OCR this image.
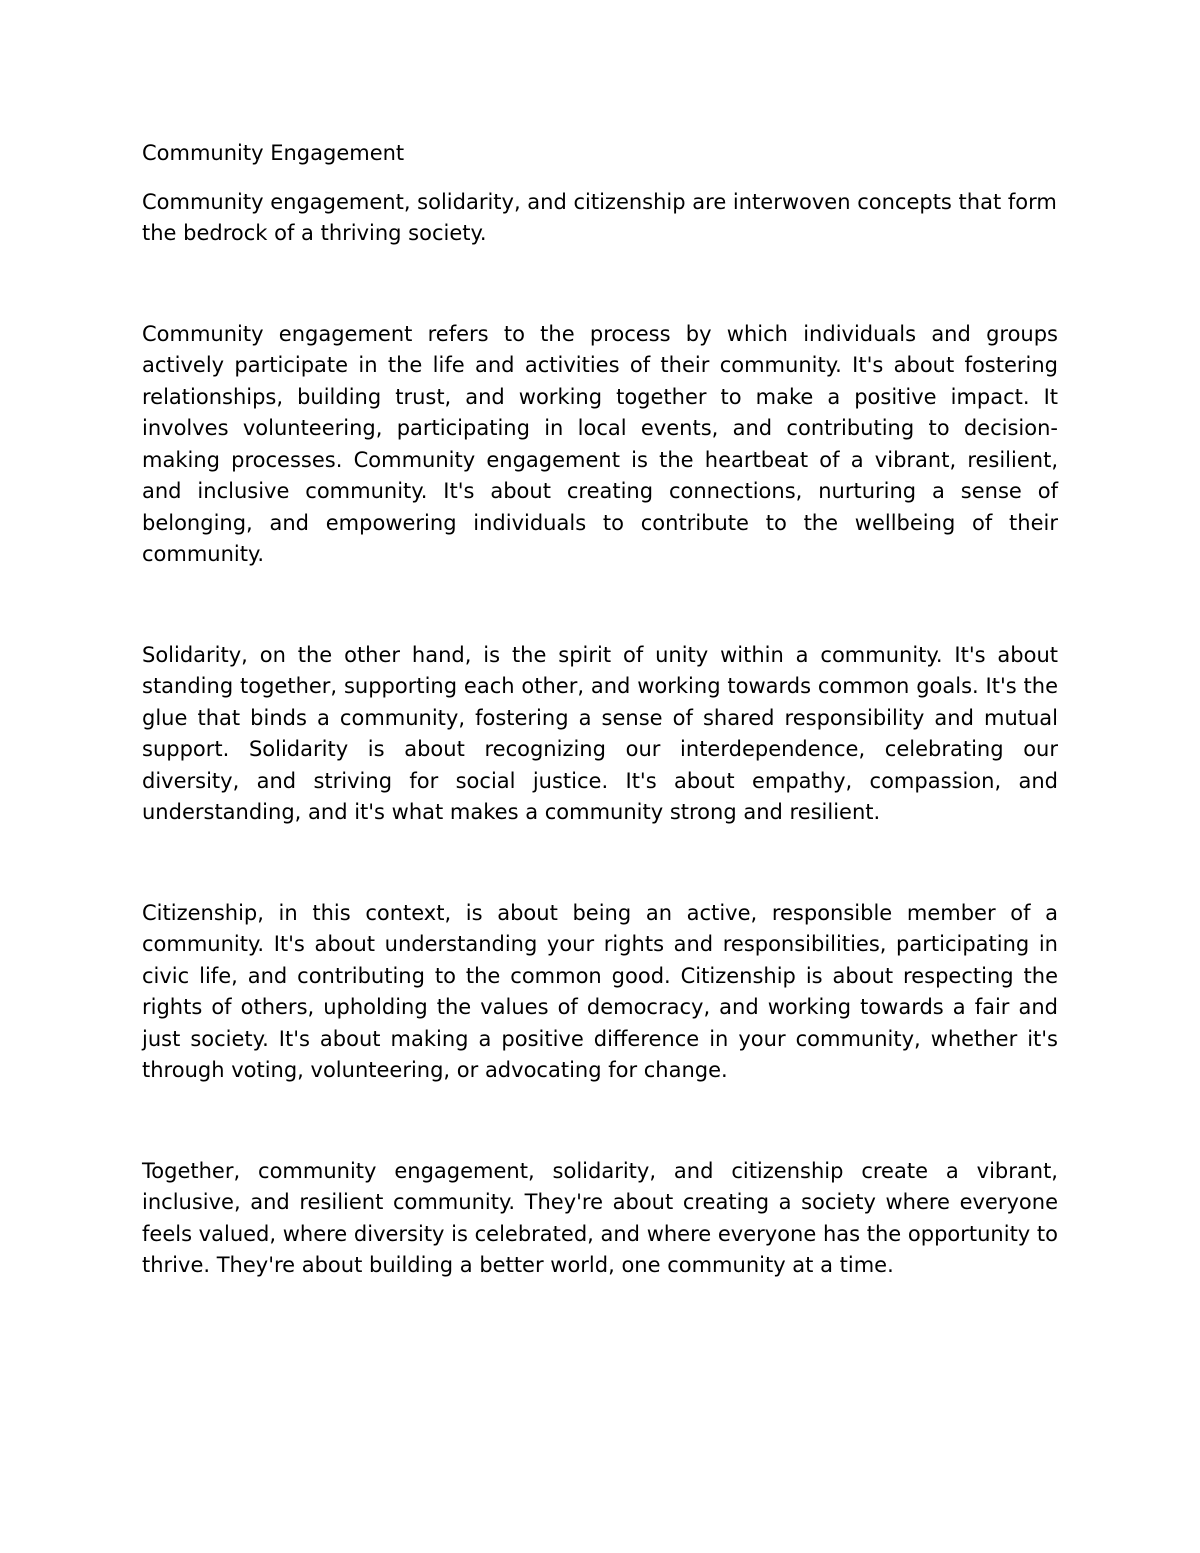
Community Engagement

Community engagement, solidarity, and citizenship are interwoven concepts that form the bedrock of a thriving society.

Community engagement refers to the process by which individuals and groups actively participate in the life and activities of their community. It's about fostering relationships, building trust, and working together to make a positive impact. It involves volunteering, participating in local events, and contributing to decision-making processes. Community engagement is the heartbeat of a vibrant, resilient, and inclusive community. It's about creating connections, nurturing a sense of belonging, and empowering individuals to contribute to the wellbeing of their community.

Solidarity, on the other hand, is the spirit of unity within a community. It's about standing together, supporting each other, and working towards common goals. It's the glue that binds a community, fostering a sense of shared responsibility and mutual support. Solidarity is about recognizing our interdependence, celebrating our diversity, and striving for social justice. It's about empathy, compassion, and understanding, and it's what makes a community strong and resilient.

Citizenship, in this context, is about being an active, responsible member of a community. It's about understanding your rights and responsibilities, participating in civic life, and contributing to the common good. Citizenship is about respecting the rights of others, upholding the values of democracy, and working towards a fair and just society. It's about making a positive difference in your community, whether it's through voting, volunteering, or advocating for change.

Together, community engagement, solidarity, and citizenship create a vibrant, inclusive, and resilient community. They're about creating a society where everyone feels valued, where diversity is celebrated, and where everyone has the opportunity to thrive. They're about building a better world, one community at a time.
